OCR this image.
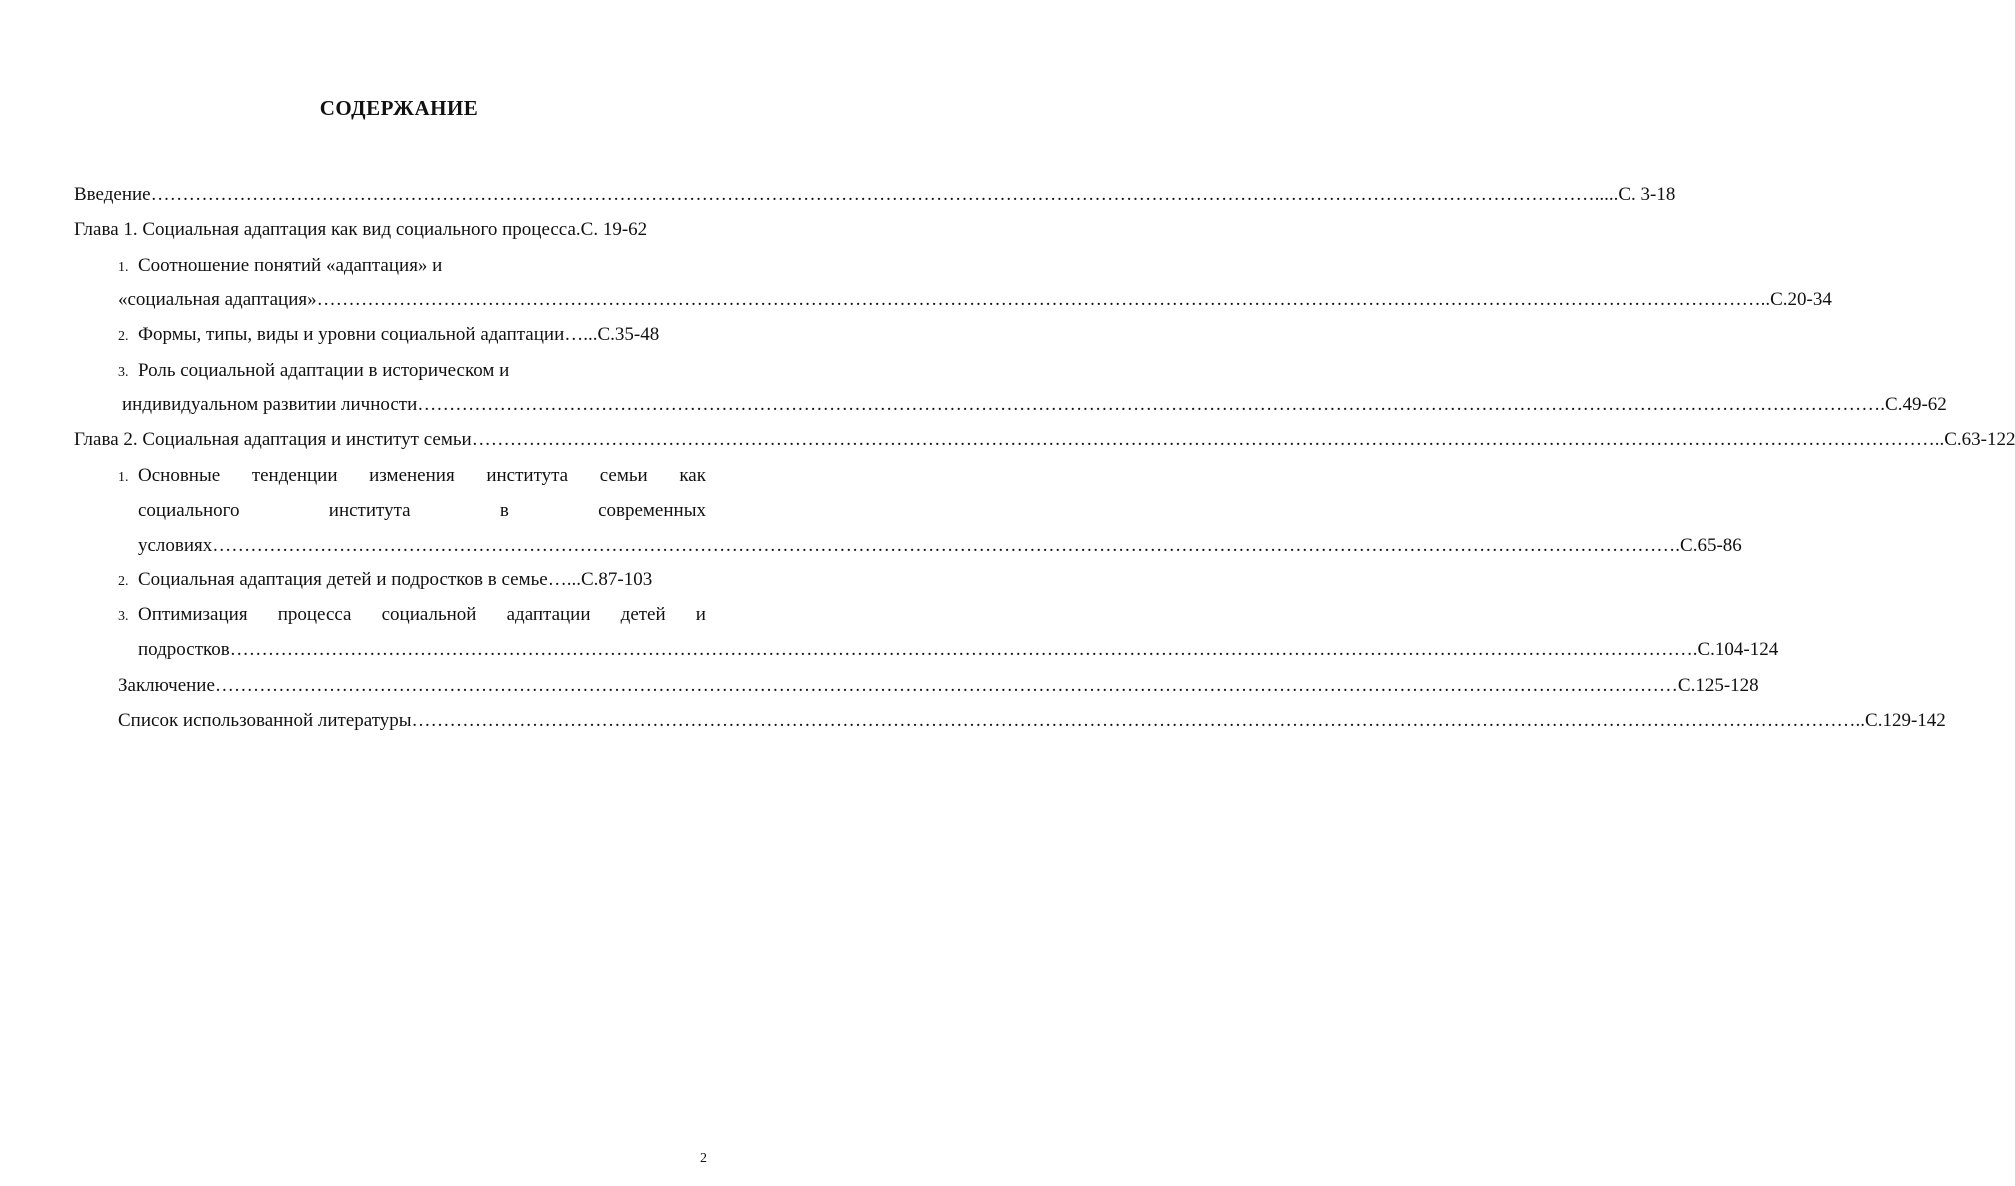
СОДЕРЖАНИЕ
Введение ………………………………………………………………………………………………………………………………………………………………………………………………………… .....С. 3-18
Глава 1. Социальная адаптация как вид социального процесса .С. 19-62
1. Соотношение понятий «адаптация» и
«социальная адаптация» ………………………………………………………………………………………………………………………………………………………………………………………………………… ..С.20-34
2. Формы, типы, виды и уровни социальной адаптации …...С.35-48
3. Роль социальной адаптации в историческом и
индивидуальном развитии личности ………………………………………………………………………………………………………………………………………………………………………………………………………… ….С.49-62
Глава 2. Социальная адаптация и институт семьи ………………………………………………………………………………………………………………………………………………………………………………………………………… …..С.63-122
1. Основные тенденции изменения института семьи как
социального	института	в	современных
условиях ………………………………………………………………………………………………………………………………………………………………………………………………………… ….С.65-86
2. Социальная адаптация детей и подростков в семье …...С.87-103
3. Оптимизация процесса социальной адаптации детей и
подростков ………………………………………………………………………………………………………………………………………………………………………………………………………… ….С.104-124
Заключение ………………………………………………………………………………………………………………………………………………………………………………………………………… …С.125-128
Список использованной литературы ………………………………………………………………………………………………………………………………………………………………………………………………………… ..С.129-142
2
